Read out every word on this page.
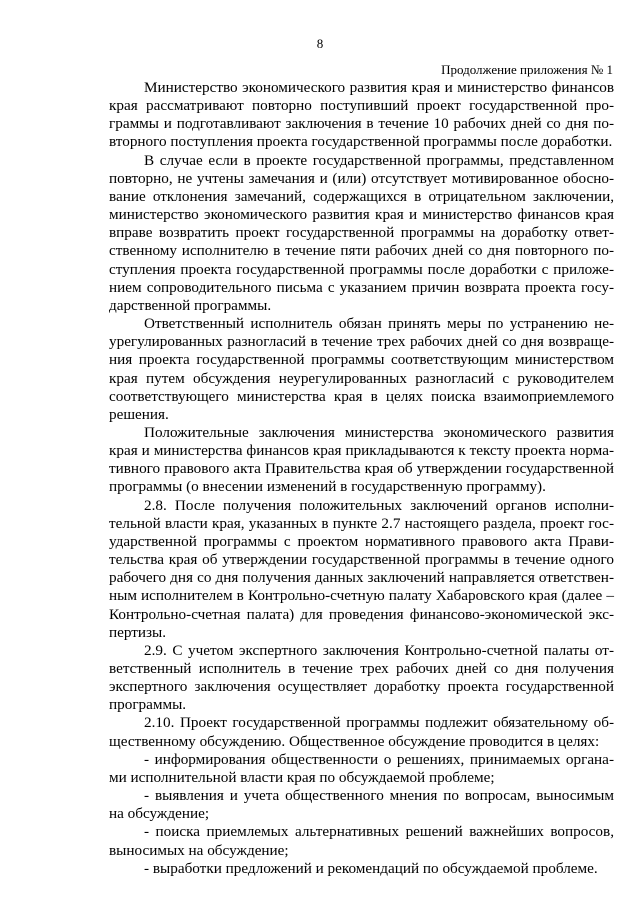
8
Продолжение приложения № 1

Министерство экономического развития края и министерство финансов края рассматривают повторно поступивший проект государственной программы и подготавливают заключения в течение 10 рабочих дней со дня повторного поступления проекта государственной программы после доработки.

В случае если в проекте государственной программы, представленном повторно, не учтены замечания и (или) отсутствует мотивированное обоснование отклонения замечаний, содержащихся в отрицательном заключении, министерство экономического развития края и министерство финансов края вправе возвратить проект государственной программы на доработку ответственному исполнителю в течение пяти рабочих дней со дня повторного поступления проекта государственной программы после доработки с приложением сопроводительного письма с указанием причин возврата проекта государственной программы.

Ответственный исполнитель обязан принять меры по устранению неурегулированных разногласий в течение трех рабочих дней со дня возвращения проекта государственной программы соответствующим министерством края путем обсуждения неурегулированных разногласий с руководителем соответствующего министерства края в целях поиска взаимоприемлемого решения.

Положительные заключения министерства экономического развития края и министерства финансов края прикладываются к тексту проекта нормативного правового акта Правительства края об утверждении государственной программы (о внесении изменений в государственную программу).

2.8. После получения положительных заключений органов исполнительной власти края, указанных в пункте 2.7 настоящего раздела, проект государственной программы с проектом нормативного правового акта Правительства края об утверждении государственной программы в течение одного рабочего дня со дня получения данных заключений направляется ответственным исполнителем в Контрольно-счетную палату Хабаровского края (далее – Контрольно-счетная палата) для проведения финансово-экономической экспертизы.

2.9. С учетом экспертного заключения Контрольно-счетной палаты ответственный исполнитель в течение трех рабочих дней со дня получения экспертного заключения осуществляет доработку проекта государственной программы.

2.10. Проект государственной программы подлежит обязательному общественному обсуждению. Общественное обсуждение проводится в целях:

- информирования общественности о решениях, принимаемых органами исполнительной власти края по обсуждаемой проблеме;

- выявления и учета общественного мнения по вопросам, выносимым на обсуждение;

- поиска приемлемых альтернативных решений важнейших вопросов, выносимых на обсуждение;

- выработки предложений и рекомендаций по обсуждаемой проблеме.
